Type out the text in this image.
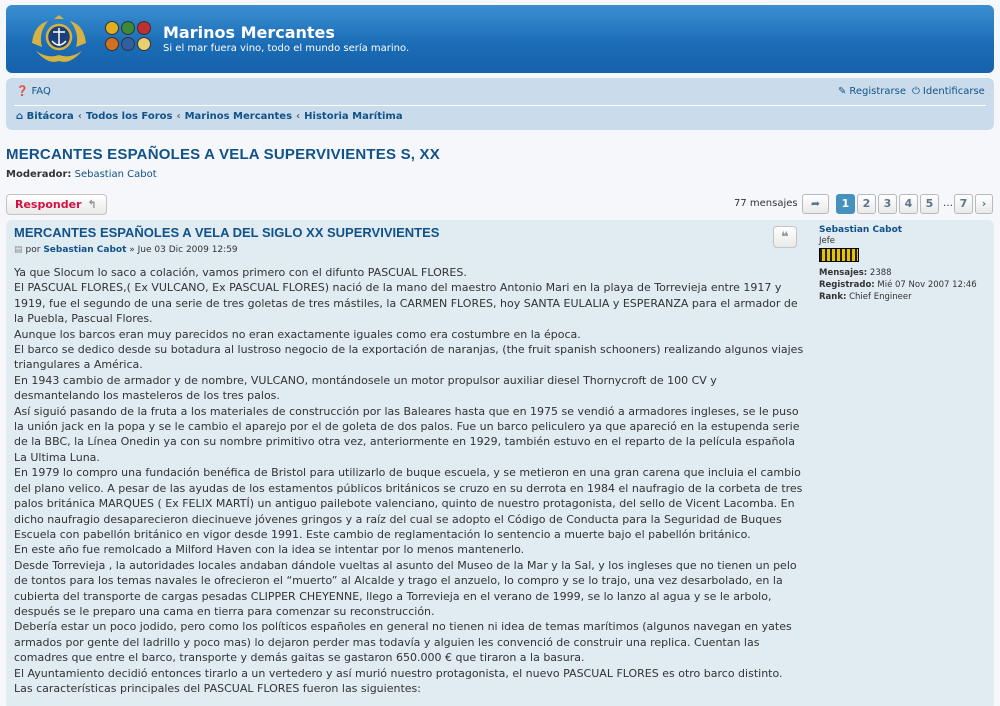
Marinos Mercantes
Si el mar fuera vino, todo el mundo sería marino.
❓ FAQ	✎ Registrarse ⏻ Identificarse
⌂ Bitácora ‹ Todos los Foros ‹ Marinos Mercantes ‹ Historia Marítima
MERCANTES ESPAÑOLES A VELA SUPERVIVIENTES S, XX
Moderador: Sebastian Cabot
Responder ↰	77 mensajes	➦	1	2	3	4	5 … 7	›
MERCANTES ESPAÑOLES A VELA DEL SIGLO XX SUPERVIVIENTES
▤ por Sebastian Cabot » Jue 03 Dic 2009 12:59
❝

Ya que Slocum lo saco a colación, vamos primero con el difunto PASCUAL FLORES.

El PASCUAL FLORES,( Ex VULCANO, Ex PASCUAL FLORES) nació de la mano del maestro Antonio Mari en la playa de Torrevieja entre 1917 y 1919, fue el segundo de una serie de tres goletas de tres mástiles, la CARMEN FLORES, hoy SANTA EULALIA y ESPERANZA para el armador de la Puebla, Pascual Flores.

Aunque los barcos eran muy parecidos no eran exactamente iguales como era costumbre en la época.

El barco se dedico desde su botadura al lustroso negocio de la exportación de naranjas, (the fruit spanish schooners) realizando algunos viajes triangulares a América.

En 1943 cambio de armador y de nombre, VULCANO, montándosele un motor propulsor auxiliar diesel Thornycroft de 100 CV y desmantelando los masteleros de los tres palos.

Así siguió pasando de la fruta a los materiales de construcción por las Baleares hasta que en 1975 se vendió a armadores ingleses, se le puso la unión jack en la popa y se le cambio el aparejo por el de goleta de dos palos. Fue un barco peliculero ya que apareció en la estupenda serie de la BBC, la Línea Onedin ya con su nombre primitivo otra vez, anteriormente en 1929, también estuvo en el reparto de la película española La Ultima Luna.

En 1979 lo compro una fundación benéfica de Bristol para utilizarlo de buque escuela, y se metieron en una gran carena que incluia el cambio del plano velico. A pesar de las ayudas de los estamentos públicos británicos se cruzo en su derrota en 1984 el naufragio de la corbeta de tres palos británica MARQUES ( Ex FELIX MARTÍ) un antiguo pailebote valenciano, quinto de nuestro protagonista, del sello de Vicent Lacomba. En dicho naufragio desaparecieron diecinueve jóvenes gringos y a raíz del cual se adopto el Código de Conducta para la Seguridad de Buques Escuela con pabellón británico en vigor desde 1991. Este cambio de reglamentación lo sentencio a muerte bajo el pabellón británico.

En este año fue remolcado a Milford Haven con la idea se intentar por lo menos mantenerlo.

Desde Torrevieja , la autoridades locales andaban dándole vueltas al asunto del Museo de la Mar y la Sal, y los ingleses que no tienen un pelo de tontos para los temas navales le ofrecieron el “muerto” al Alcalde y trago el anzuelo, lo compro y se lo trajo, una vez desarbolado, en la cubierta del transporte de cargas pesadas CLIPPER CHEYENNE, llego a Torrevieja en el verano de 1999, se lo lanzo al agua y se le arbolo, después se le preparo una cama en tierra para comenzar su reconstrucción.

Debería estar un poco jodido, pero como los políticos españoles en general no tienen ni idea de temas marítimos (algunos navegan en yates armados por gente del ladrillo y poco mas) lo dejaron perder mas todavía y alguien les convenció de construir una replica. Cuentan las comadres que entre el barco, transporte y demás gaitas se gastaron 650.000 € que tiraron a la basura.

El Ayuntamiento decidió entonces tirarlo a un vertedero y así murió nuestro protagonista, el nuevo PASCUAL FLORES es otro barco distinto.

Las características principales del PASCUAL FLORES fueron las siguientes:

Sebastian Cabot
Jefe
Mensajes: 2388
Registrado: Mié 07 Nov 2007 12:46
Rank: Chief Engineer
